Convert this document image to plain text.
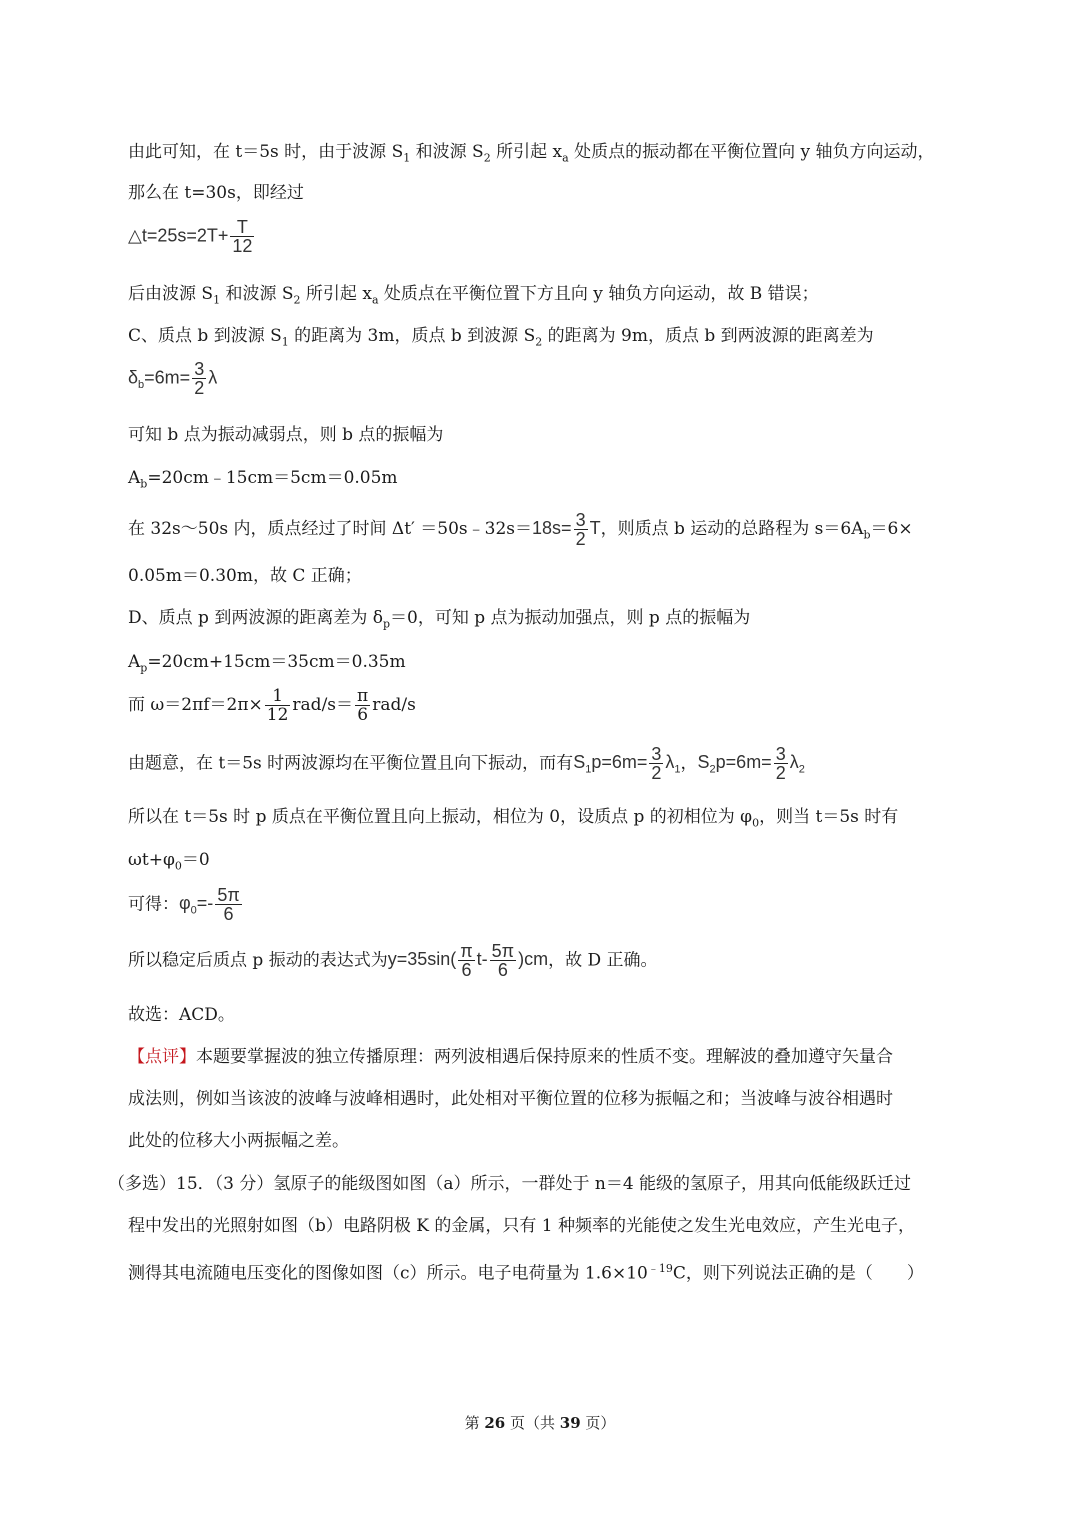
由此可知，在 t＝5s 时，由于波源 $S_1$ 和波源 $S_2$ 所引起 $x_a$ 处质点的振动都在平衡位置向 y 轴负方向运动，
那么在 t=30s，即经过
△t=25s=2T+ $\frac{T}{12}$
后由波源 $S_1$ 和波源 $S_2$ 所引起 $x_a$ 处质点在平衡位置下方且向 y 轴负方向运动，故 B 错误；
C、质点 b 到波源 $S_1$ 的距离为 3m，质点 b 到波源 $S_2$ 的距离为 9m，质点 b 到两波源的距离差为
$\delta_b=6m= \frac{3}{2}$ λ
可知 b 点为振动减弱点，则 b 点的振幅为
$A_b=20cm﹣15cm=5cm=0.05m$
在 32s～50s 内，质点经过了时间 Δt′ ＝50s﹣32s＝18s= $\frac{3}{2}$ T，则质点 b 运动的总路程为 $s=6A_b=6\times$
0.05m＝0.30m，故 C 正确；
D、质点 p 到两波源的距离差为 $\delta_p=0$，可知 p 点为振动加强点，则 p 点的振幅为
$A_p=20cm+15cm=35cm=0.35m$
而 $\omega=2\pi f=2\pi\times \frac{1}{12} rad/s= \frac{\pi}{6} rad/s$
由题意，在 t＝5s 时两波源均在平衡位置且向下振动，而有$S_1p=6m= \frac{3}{2} \lambda_1$，$S_2p=6m= \frac{3}{2} \lambda_2$
所以在 t＝5s 时 p 质点在平衡位置且向上振动，相位为 0，设质点 p 的初相位为 $\varphi_0$，则当 t＝5s 时有
$\omega t+\varphi_0=0$
可得：$\varphi_0=- \frac{5\pi}{6}$
所以稳定后质点 p 振动的表达式为$y=35\sin( \frac{\pi}{6} t- \frac{5\pi}{6} )cm$，故 D 正确。
故选：ACD。
【点评】本题要掌握波的独立传播原理：两列波相遇后保持原来的性质不变。理解波的叠加遵守矢量合
成法则，例如当该波的波峰与波峰相遇时，此处相对平衡位置的位移为振幅之和；当波峰与波谷相遇时
此处的位移大小两振幅之差。
（多选）15．（3 分）氢原子的能级图如图（a）所示，一群处于 n＝4 能级的氢原子，用其向低能级跃迁过
程中发出的光照射如图（b）电路阴极 K 的金属，只有 1 种频率的光能使之发生光电效应，产生光电子，
测得其电流随电压变化的图像如图（c）所示。电子电荷量为 $1.6\times 10^{﹣19}C$，则下列说法正确的是（　　）
第 26 页（共 39 页）
